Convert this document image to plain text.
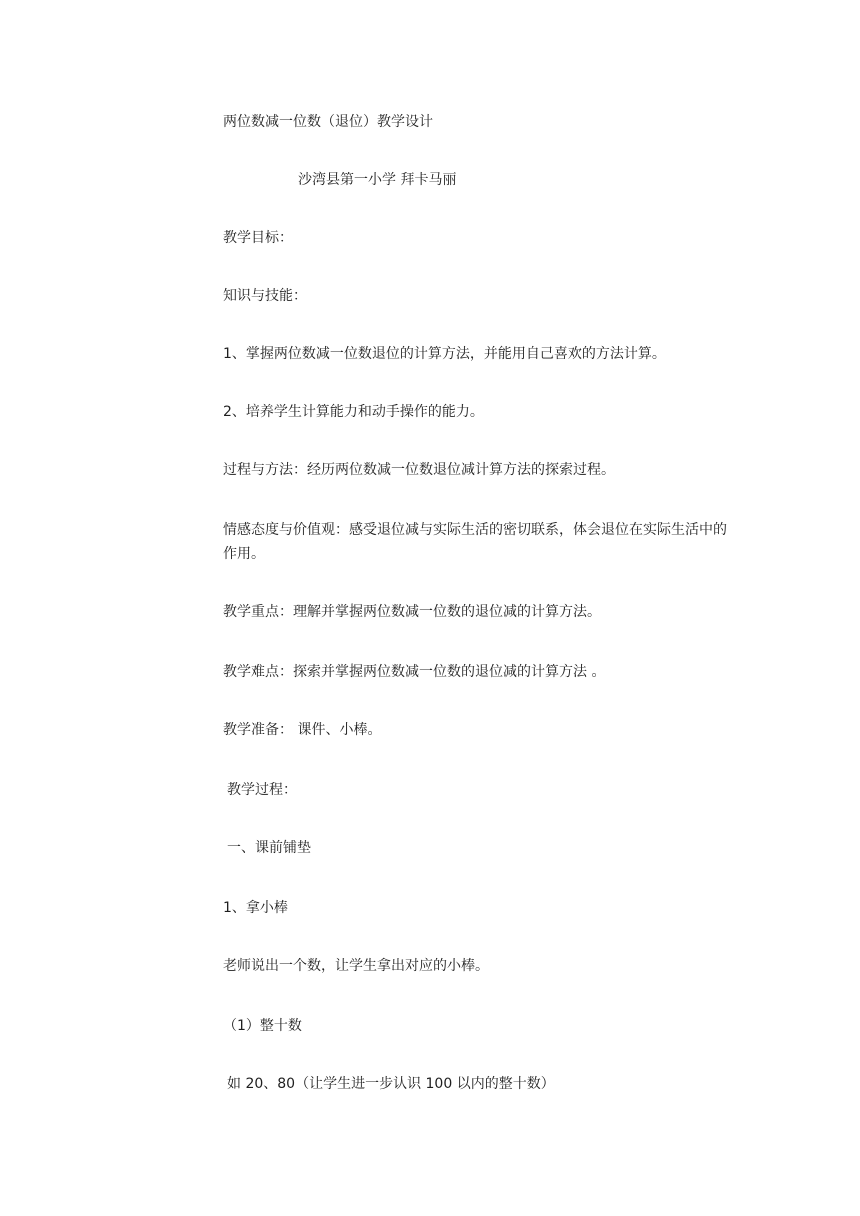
两位数减一位数（退位）教学设计

沙湾县第一小学 拜卡马丽

教学目标：

知识与技能：

1、掌握两位数减一位数退位的计算方法，并能用自己喜欢的方法计算。

2、培养学生计算能力和动手操作的能力。

过程与方法：经历两位数减一位数退位减计算方法的探索过程。

情感态度与价值观：感受退位减与实际生活的密切联系，体会退位在实际生活中的作用。

教学重点：理解并掌握两位数减一位数的退位减的计算方法。

教学难点：探索并掌握两位数减一位数的退位减的计算方法 。

教学准备： 课件、小棒。

教学过程：

一、课前铺垫

1、拿小棒

老师说出一个数，让学生拿出对应的小棒。

（1）整十数

如 20、80（让学生进一步认识 100 以内的整十数）
